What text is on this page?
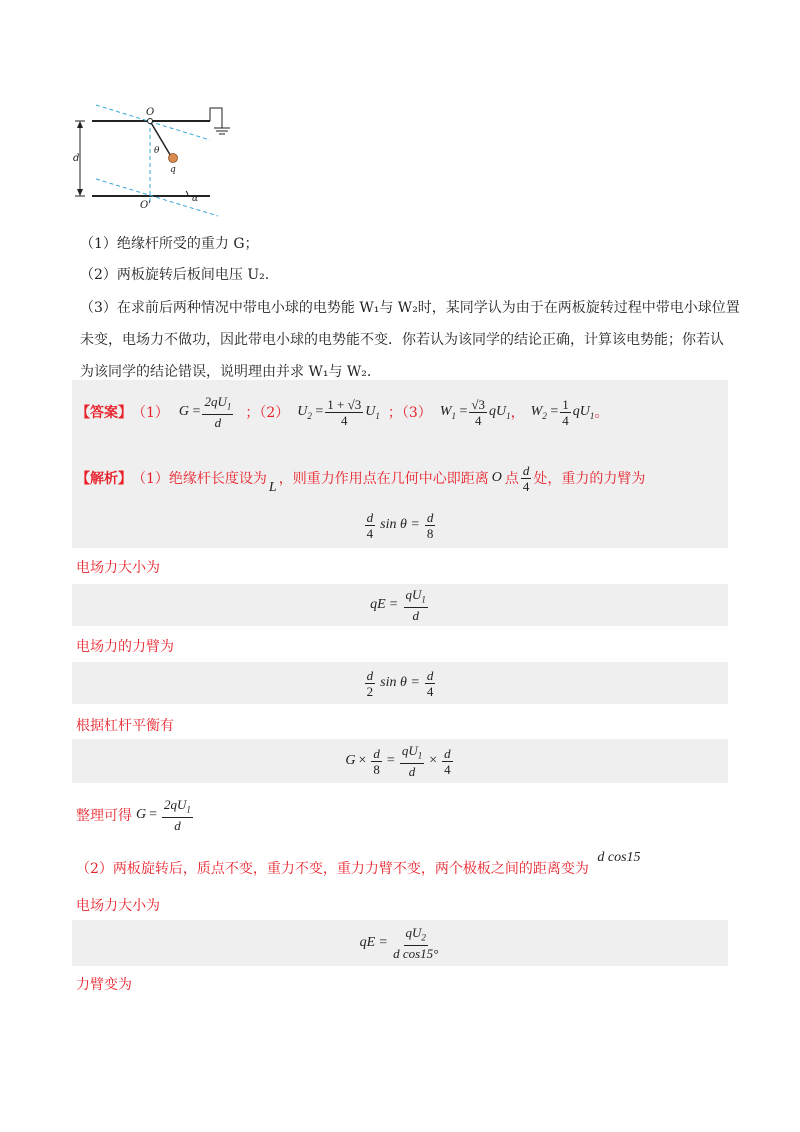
O
O'
d
θ
q
α
（1）绝缘杆所受的重力 G；
（2）两板旋转后板间电压 U₂.
（3）在求前后两种情况中带电小球的电势能 W₁与 W₂时，某同学认为由于在两板旋转过程中带电小球位置
未变，电场力不做功，因此带电小球的电势能不变．你若认为该同学的结论正确，计算该电势能；你若认
为该同学的结论错误，说明理由并求 W₁与 W₂.
【答案】 （1） $G = \frac{2qU_1}{d}$ ；（2） $U_2 = \frac{1 + √3}{4} U_1$ ；（3） $W_1 = \frac{√3}{4} qU_1$ ， $W_2 = \frac{1}{4} qU_1$ 。
【解析】 （1）绝缘杆长度设为
L
，则重力作用点在几何中心即距离 O 点 $\frac{d}{4}$ 处，重力的力臂为
$\frac{d}{4}$ $\sin \theta = \frac{d}{8}$
电场力大小为
qE = $\frac{qU_1}{d}$
电场力的力臂为
$\frac{d}{2}$ $\sin \theta = \frac{d}{4}$
根据杠杆平衡有
$G \times \frac{d}{8} = \frac{qU_1}{d} \times \frac{d}{4}$
整理可得 $G = \frac{2qU_1}{d}$
（2）两板旋转后，质点不变，重力不变，重力力臂不变，两个极板之间的距离变为 d cos15
电场力大小为
qE = $\frac{qU_2}{\text{d cos15°}}$
力臂变为
